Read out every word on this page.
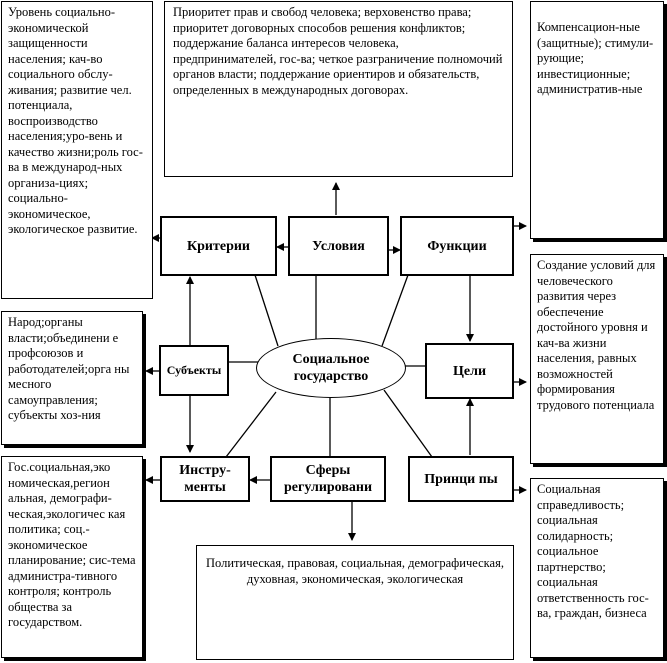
Уровень социально-экономической защищенности населения; кач-во социального обслу-живания; развитие чел. потенциала, воспроизводство населения;уро-вень и качество жизни;роль гос-ва в международ-ных организа-циях; социально-экономическое, экологическое развитие.
Приоритет прав и свобод человека; верховенство права; приоритет договорных способов решения конфликтов; поддержание баланса интересов человека, предпринимателей, гос-ва; четкое разграничение полномочий органов власти; поддержание ориентиров и обязательств, определенных в международных договорах.
Компенсацион-ные (защитные); стимули-рующие; инвестиционные; административ-ные
Создание условий для человеческого развития через обеспечение достойного уровня и кач-ва жизни населения, равных возможностей формирования трудового потенциала
Народ;органы власти;объединени е профсоюзов и работодателей;орга ны месного самоуправления; субъекты хоз-ния
Гос.социальная,эко номическая,регион альная, демографи-ческая,экологичес кая политика; соц.-экономическое планирование; сис-тема администра-тивного контроля; контроль общества за государством.
Политическая, правовая, социальная, демографическая, духовная, экономическая, экологическая
Социальная справедливость; социальная солидарность; социальное партнерство; социальная ответственность гос-ва, граждан, бизнеса
Критерии	Условия	Функции
Субъекты
Социальное государство	Цели
Инстру-менты
Сферы регулировани
Принци пы
